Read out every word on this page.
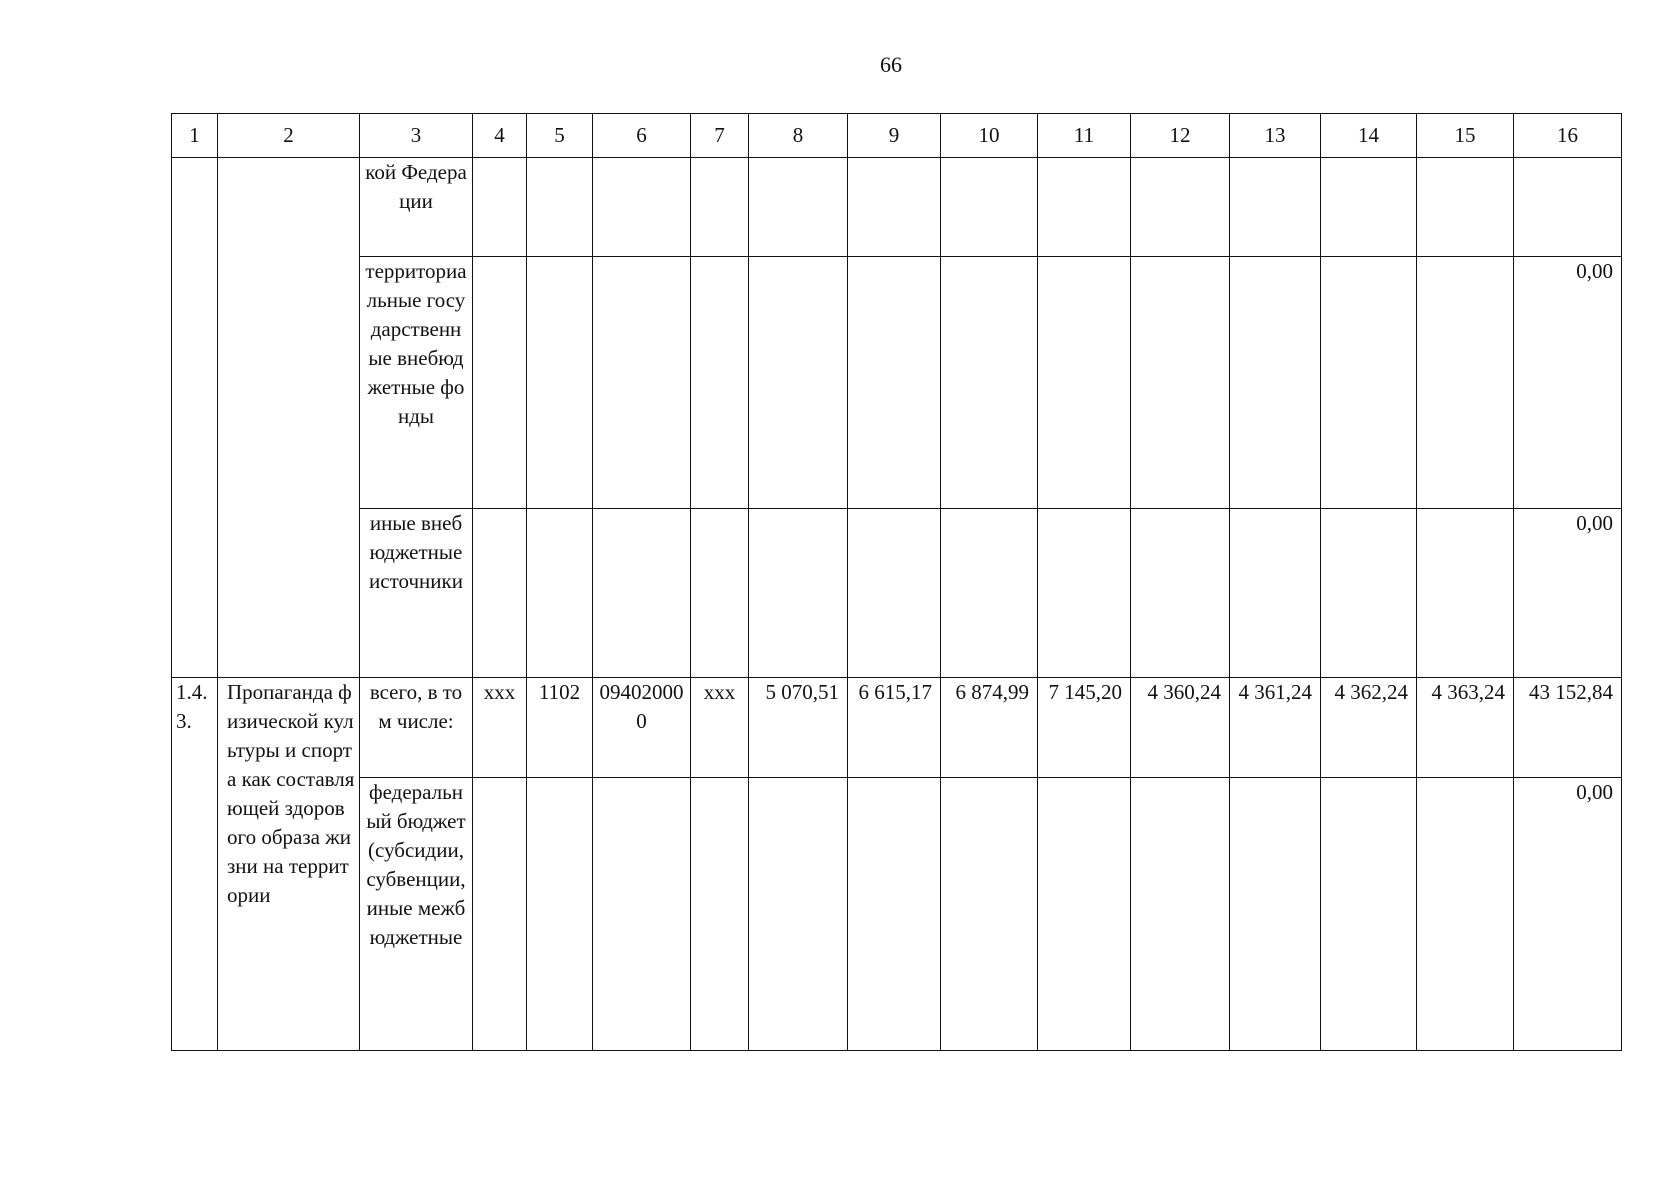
66
1	2	3	4	5	6	7	8	9	10	11	12	13	14	15	16
		кой Федерации													
		территориальные государственные внебюджетные фонды													0,00
		иные внебюджетные источники													0,00
1.4.3.	Пропаганда физической культуры и спорта как составляющей здорового образа жизни на территории	всего, в том числе:	ххх	1102	094020000	ххх	5 070,51	6 615,17	6 874,99	7 145,20	4 360,24	4 361,24	4 362,24	4 363,24	43 152,84
		федеральный бюджет (субсидии, субвенции, иные межбюджетные													0,00
